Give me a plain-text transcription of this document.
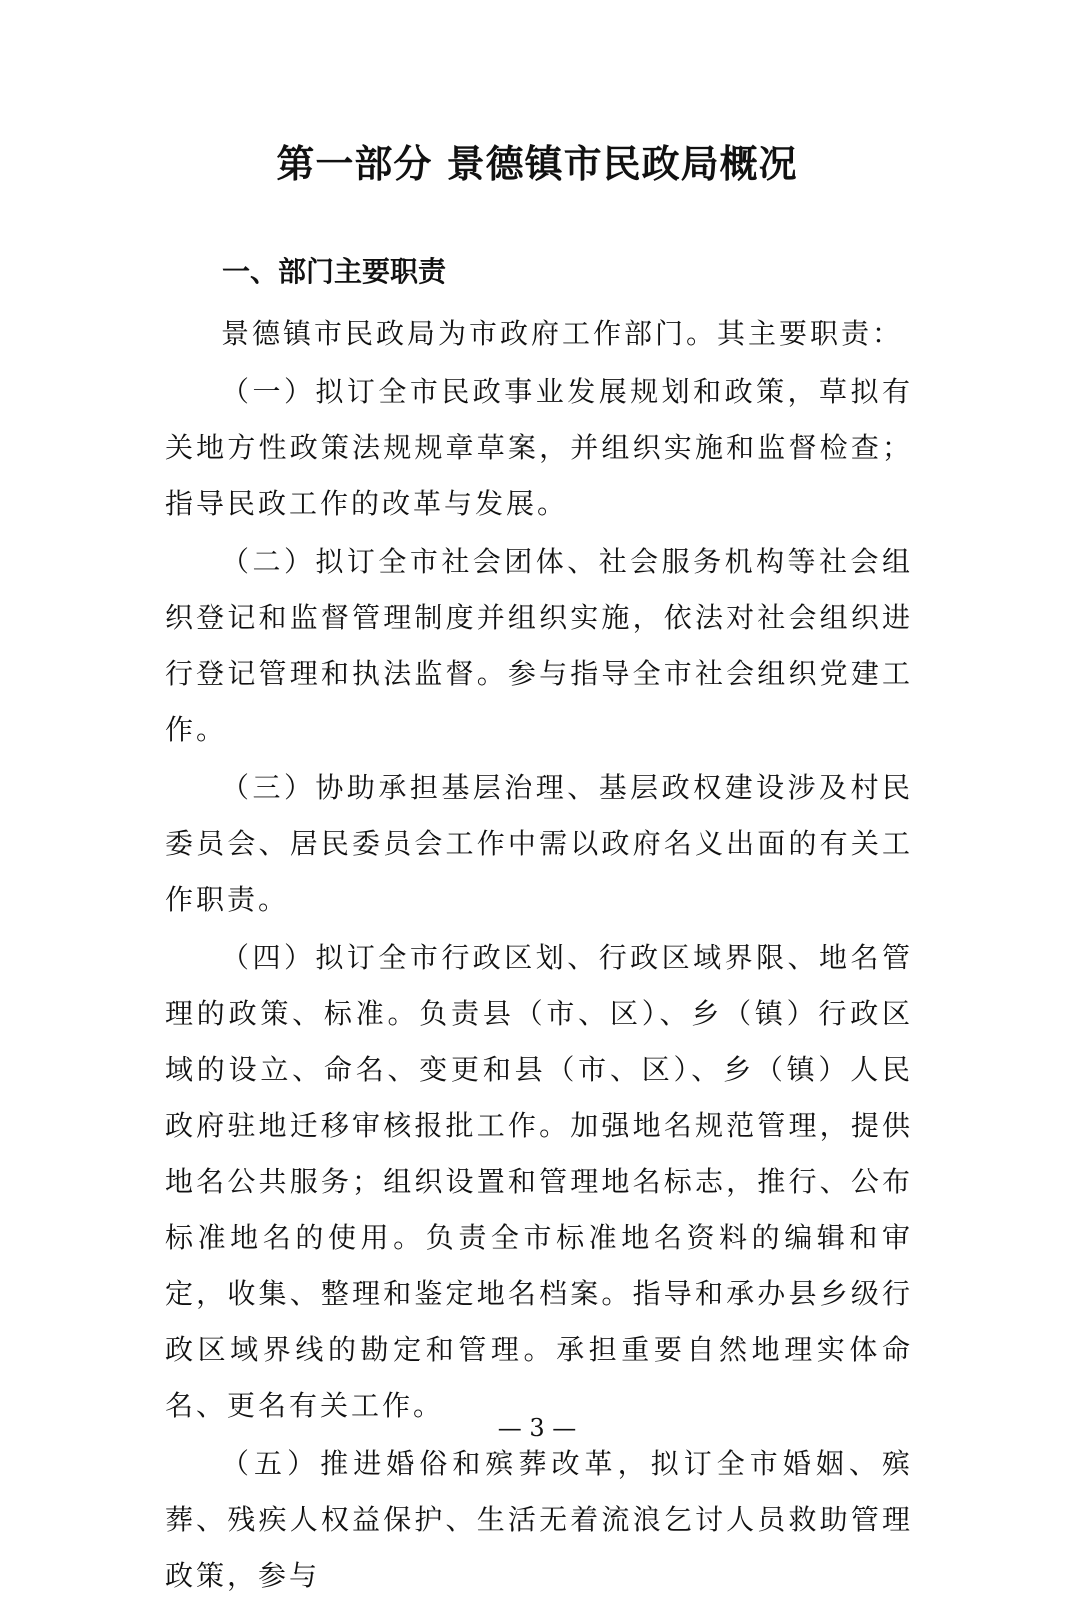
第一部分 景德镇市民政局概况
一、部门主要职责

景德镇市民政局为市政府工作部门。其主要职责：

（一）拟订全市民政事业发展规划和政策，草拟有关地方性政策法规规章草案，并组织实施和监督检查；指导民政工作的改革与发展。

（二）拟订全市社会团体、社会服务机构等社会组织登记和监督管理制度并组织实施，依法对社会组织进行登记管理和执法监督。参与指导全市社会组织党建工作。

（三）协助承担基层治理、基层政权建设涉及村民委员会、居民委员会工作中需以政府名义出面的有关工作职责。

（四）拟订全市行政区划、行政区域界限、地名管理的政策、标准。负责县（市、区）、乡（镇）行政区域的设立、命名、变更和县（市、区）、乡（镇）人民政府驻地迁移审核报批工作。加强地名规范管理，提供地名公共服务；组织设置和管理地名标志，推行、公布标准地名的使用。负责全市标准地名资料的编辑和审定，收集、整理和鉴定地名档案。指导和承办县乡级行政区域界线的勘定和管理。承担重要自然地理实体命名、更名有关工作。

（五）推进婚俗和殡葬改革，拟订全市婚姻、殡葬、残疾人权益保护、生活无着流浪乞讨人员救助管理政策，参与

— 3 —
